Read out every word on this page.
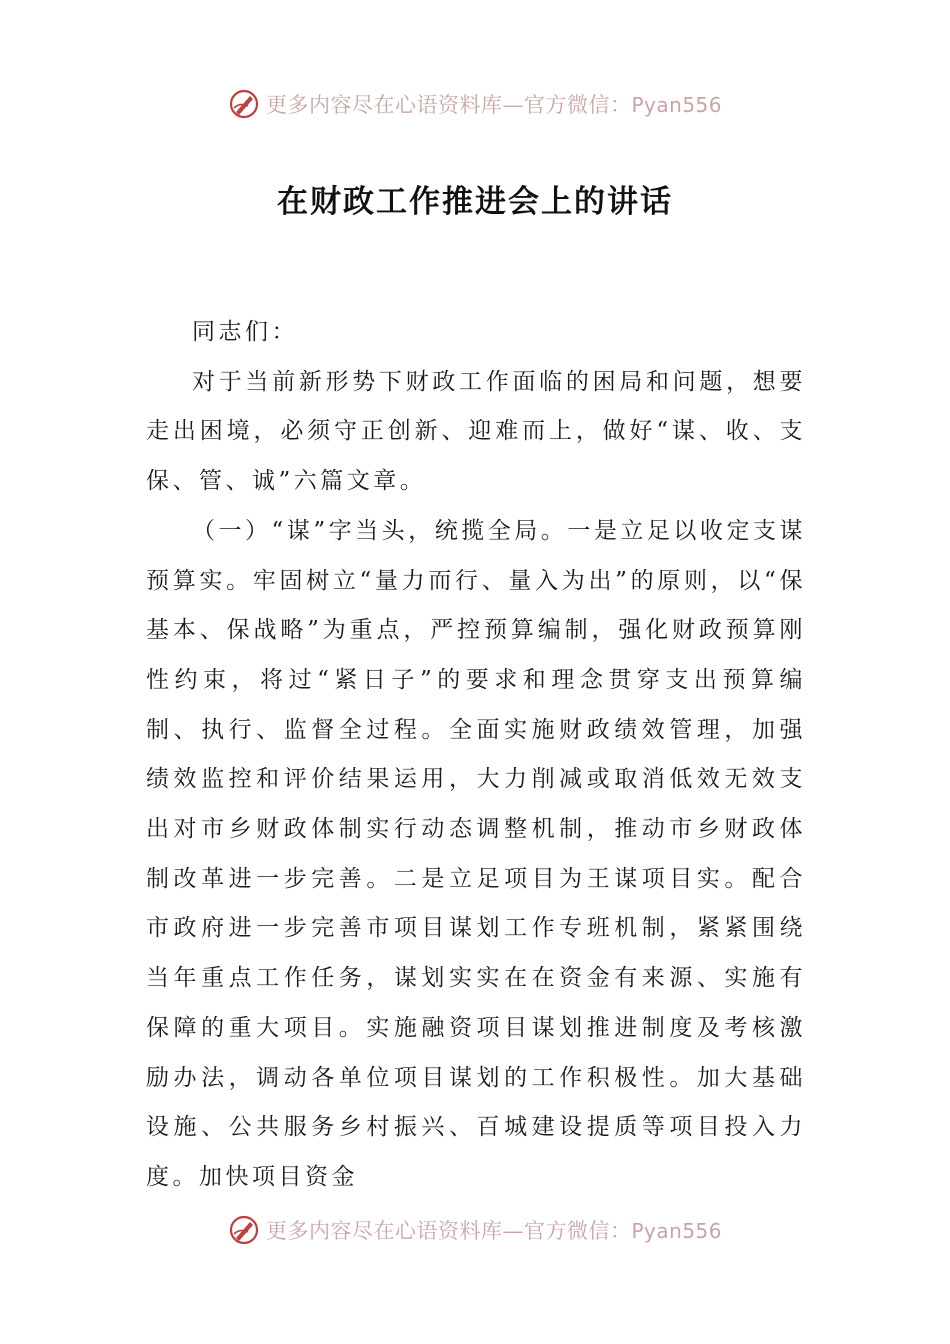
更多内容尽在心语资料库—官方微信：Pyan556
在财政工作推进会上的讲话

同志们：

对于当前新形势下财政工作面临的困局和问题，想要走出困境，必须守正创新、迎难而上，做好“谋、收、支保、管、诚”六篇文章。

（一）“谋”字当头，统揽全局。一是立足以收定支谋预算实。牢固树立“量力而行、量入为出”的原则，以“保基本、保战略”为重点，严控预算编制，强化财政预算刚性约束，将过“紧日子”的要求和理念贯穿支出预算编制、执行、监督全过程。全面实施财政绩效管理，加强绩效监控和评价结果运用，大力削减或取消低效无效支出对市乡财政体制实行动态调整机制，推动市乡财政体制改革进一步完善。二是立足项目为王谋项目实。配合市政府进一步完善市项目谋划工作专班机制，紧紧围绕当年重点工作任务，谋划实实在在资金有来源、实施有保障的重大项目。实施融资项目谋划推进制度及考核激励办法，调动各单位项目谋划的工作积极性。加大基础设施、公共服务乡村振兴、百城建设提质等项目投入力度。加快项目资金

更多内容尽在心语资料库—官方微信：Pyan556
